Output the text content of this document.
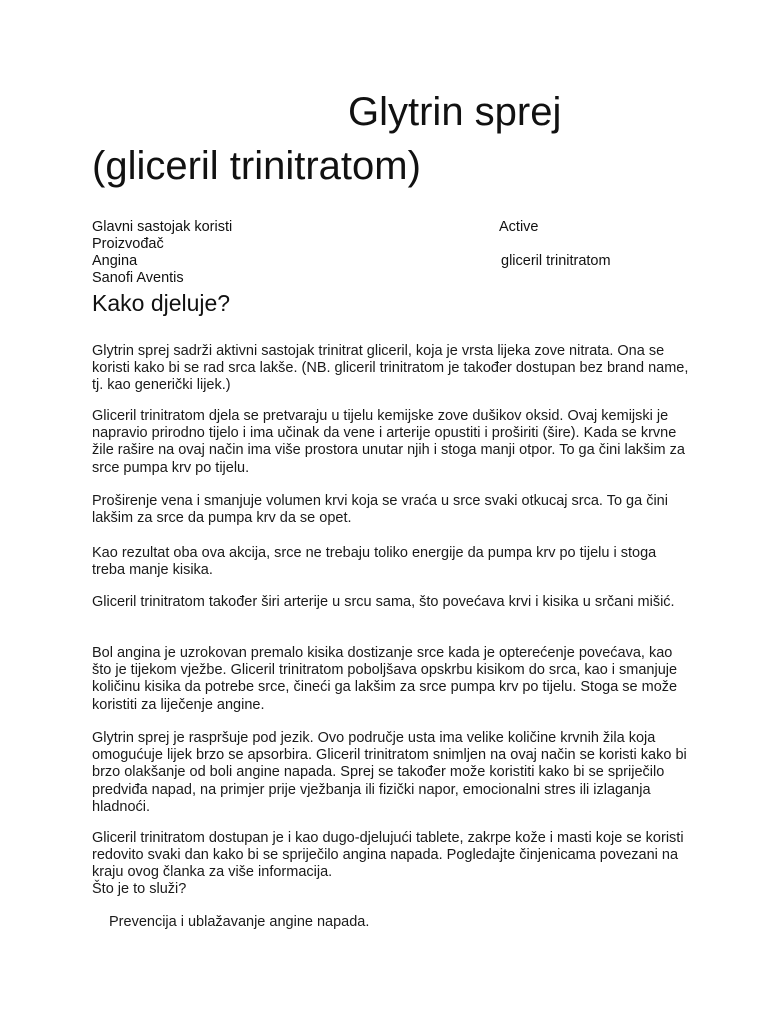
Glytrin sprej
(gliceril trinitratom)
Glavni sastojak koristi	Active
Proizvođač
Angina	gliceril trinitratom
Sanofi Aventis
Kako djeluje?

Glytrin sprej sadrži aktivni sastojak trinitrat gliceril, koja je vrsta lijeka zove nitrata. Ona se koristi kako bi se rad srca lakše. (NB. gliceril trinitratom je također dostupan bez brand name, tj. kao generički lijek.)

Gliceril trinitratom djela se pretvaraju u tijelu kemijske zove dušikov oksid. Ovaj kemijski je napravio prirodno tijelo i ima učinak da vene i arterije opustiti i proširiti (šire). Kada se krvne žile raširе na ovaj način ima više prostora unutar njih i stoga manji otpor. To ga čini lakšim za srce pumpa krv po tijelu.

Proširenje vena i smanjuje volumen krvi koja se vraća u srce svaki otkucaj srca. To ga čini lakšim za srce da pumpa krv da se opet.

Kao rezultat oba ova akcija, srce ne trebaju toliko energije da pumpa krv po tijelu i stoga treba manje kisika.

Gliceril trinitratom također širi arterije u srcu sama, što povećava krvi i kisika u srčani mišić.

Bol angina je uzrokovan premalo kisika dostizanje srce kada je opterećenje povećava, kao što je tijekom vježbe. Gliceril trinitratom poboljšava opskrbu kisikom do srca, kao i smanjuje količinu kisika da potrebe srce, čineći ga lakšim za srce pumpa krv po tijelu. Stoga se može koristiti za liječenje angine.

Glytrin sprej je raspršuje pod jezik. Ovo područje usta ima velike količine krvnih žila koja omogućuje lijek brzo se apsorbira. Gliceril trinitratom snimljen na ovaj način se koristi kako bi brzo olakšanje od boli angine napada. Sprej se također može koristiti kako bi se spriječilo predviđa napad, na primjer prije vježbanja ili fizički napor, emocionalni stres ili izlaganja hladnoći.

Gliceril trinitratom dostupan je i kao dugo-djelujući tablete, zakrpe kože i masti koje se koristi redovito svaki dan kako bi se spriječilo angina napada. Pogledajte činjenicama povezani na kraju ovog članka za više informacija.

Što je to služi?

Prevencija i ublažavanje angine napada.
